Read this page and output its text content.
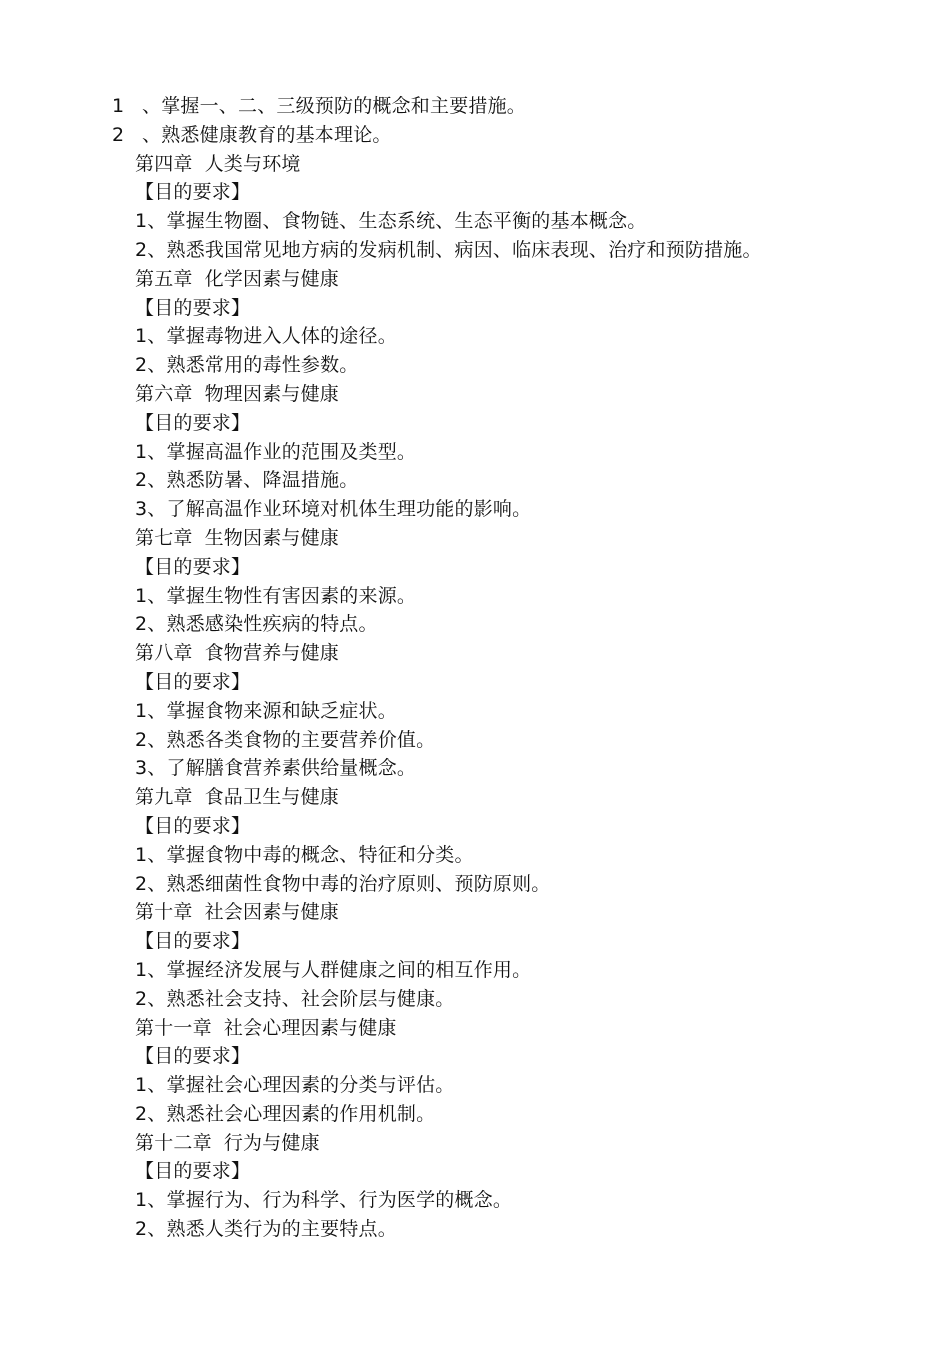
1 、掌握一、二、三级预防的概念和主要措施。
2 、熟悉健康教育的基本理论。
第四章 人类与环境
【目的要求】
1、掌握生物圈、食物链、生态系统、生态平衡的基本概念。
2、熟悉我国常见地方病的发病机制、病因、临床表现、治疗和预防措施。
第五章 化学因素与健康
【目的要求】
1、掌握毒物进入人体的途径。
2、熟悉常用的毒性参数。
第六章 物理因素与健康
【目的要求】
1、掌握高温作业的范围及类型。
2、熟悉防暑、降温措施。
3、了解高温作业环境对机体生理功能的影响。
第七章 生物因素与健康
【目的要求】
1、掌握生物性有害因素的来源。
2、熟悉感染性疾病的特点。
第八章 食物营养与健康
【目的要求】
1、掌握食物来源和缺乏症状。
2、熟悉各类食物的主要营养价值。
3、了解膳食营养素供给量概念。
第九章 食品卫生与健康
【目的要求】
1、掌握食物中毒的概念、特征和分类。
2、熟悉细菌性食物中毒的治疗原则、预防原则。
第十章 社会因素与健康
【目的要求】
1、掌握经济发展与人群健康之间的相互作用。
2、熟悉社会支持、社会阶层与健康。
第十一章 社会心理因素与健康
【目的要求】
1、掌握社会心理因素的分类与评估。
2、熟悉社会心理因素的作用机制。
第十二章 行为与健康
【目的要求】
1、掌握行为、行为科学、行为医学的概念。
2、熟悉人类行为的主要特点。
